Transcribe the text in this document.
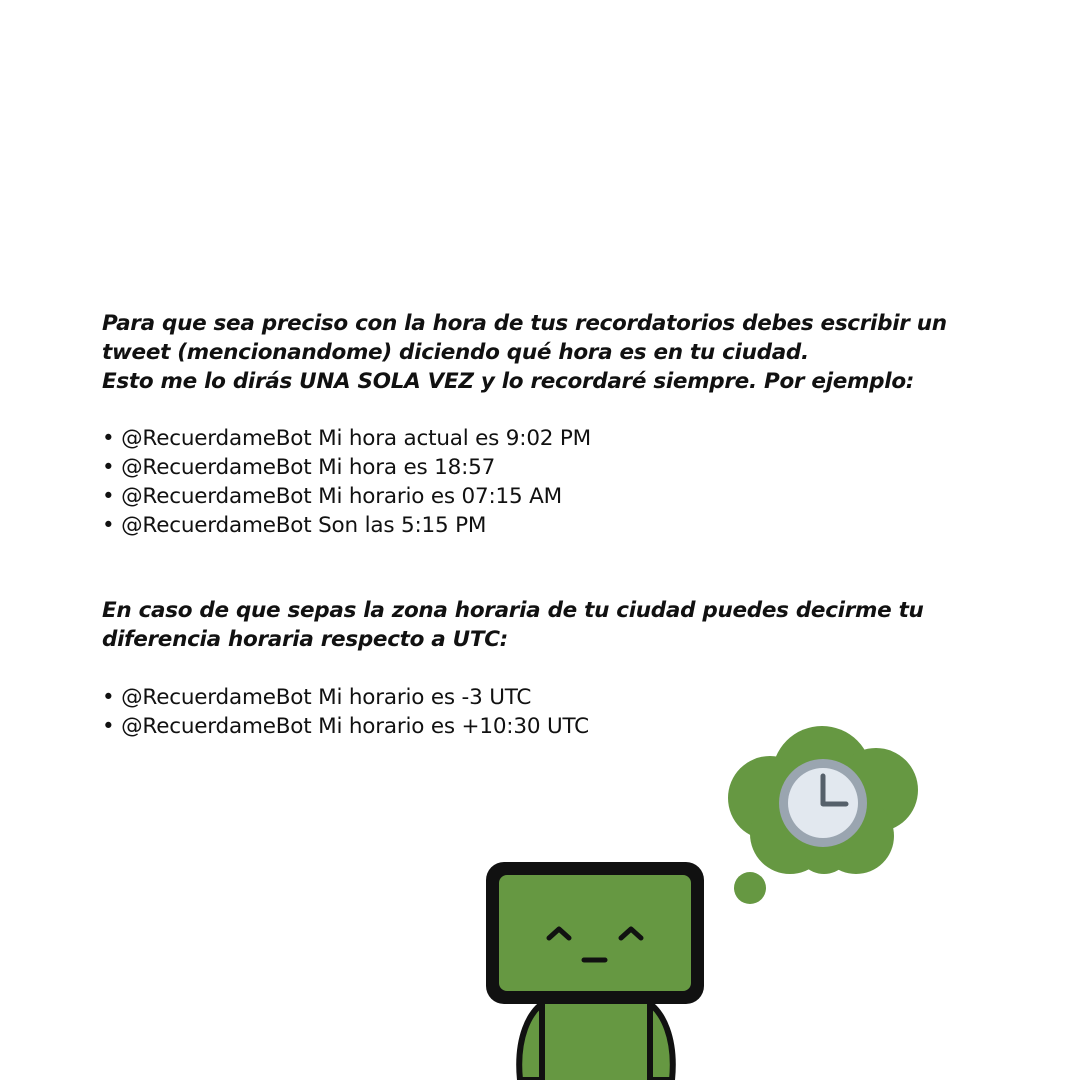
Para que sea preciso con la hora de tus recordatorios debes escribir un
tweet (mencionandome) diciendo qué hora es en tu ciudad.
Esto me lo dirás UNA SOLA VEZ y lo recordaré siempre. Por ejemplo:
• @RecuerdameBot Mi hora actual es 9:02 PM
• @RecuerdameBot Mi hora es 18:57
• @RecuerdameBot Mi horario es 07:15 AM
• @RecuerdameBot Son las 5:15 PM
En caso de que sepas la zona horaria de tu ciudad puedes decirme tu
diferencia horaria respecto a UTC:
• @RecuerdameBot Mi horario es -3 UTC
• @RecuerdameBot Mi horario es +10:30 UTC
